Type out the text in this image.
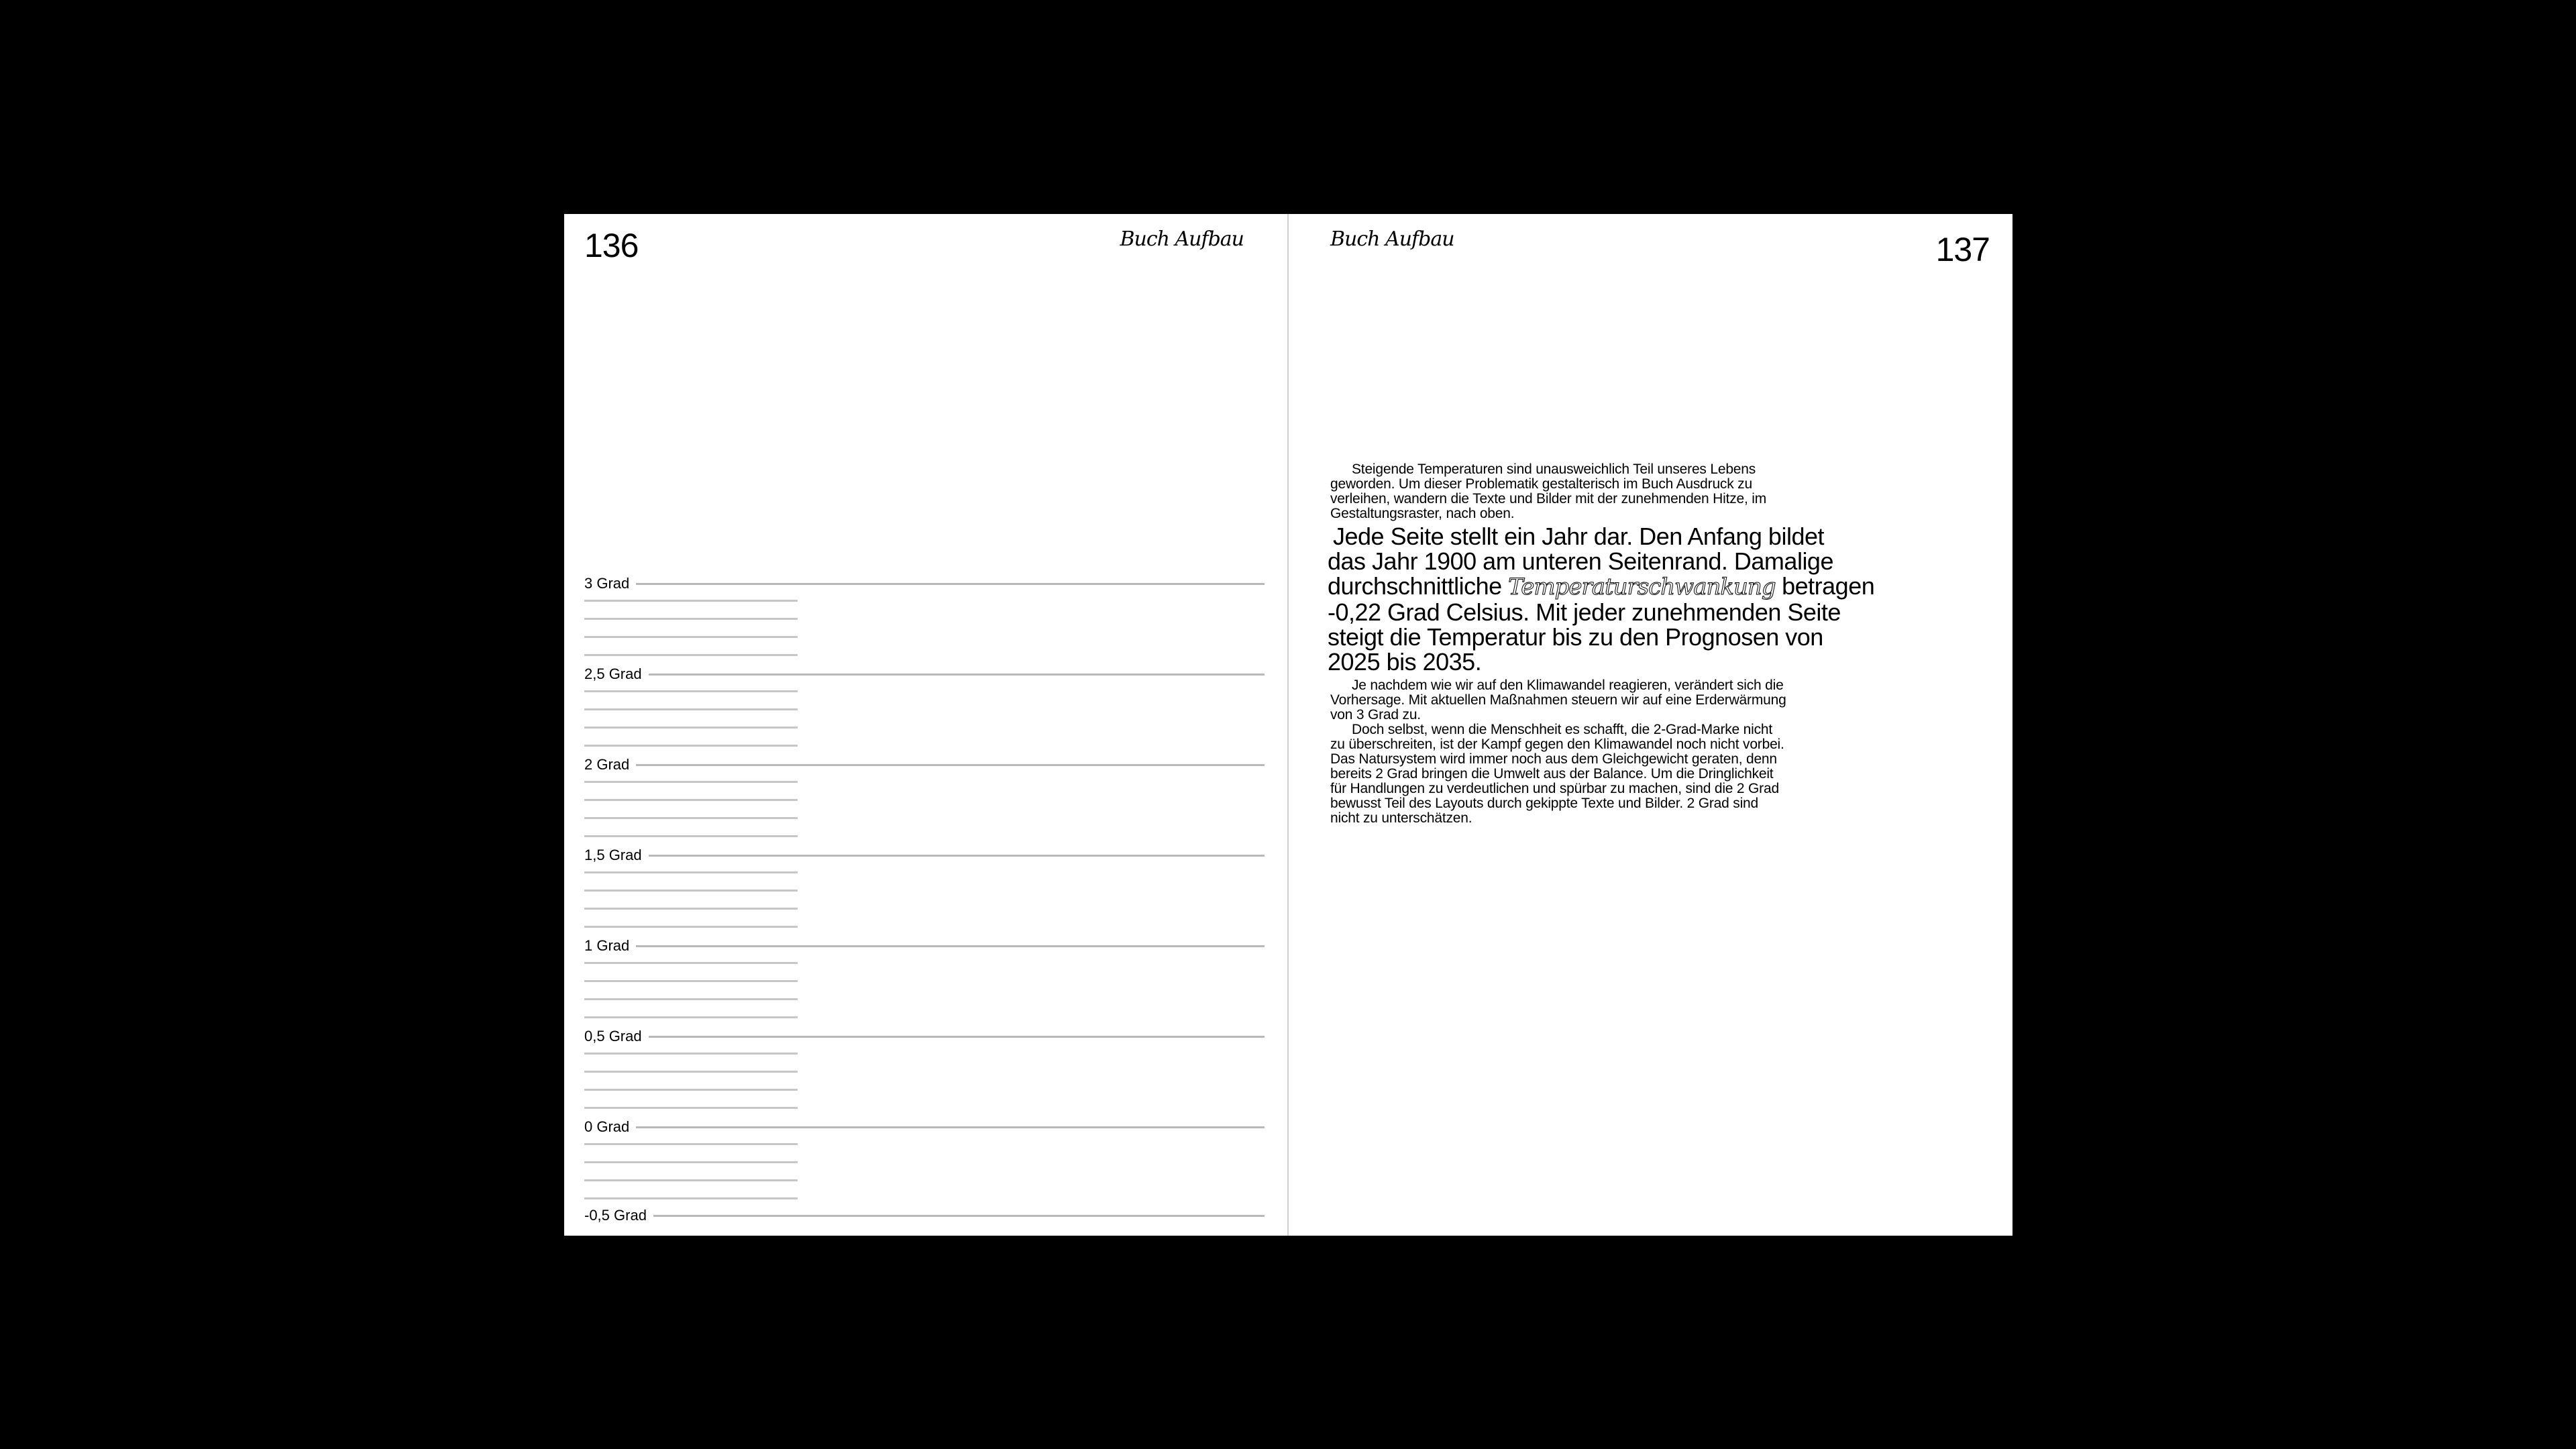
136	Buch Aufbau
3 Grad
2,5 Grad
2 Grad
1,5 Grad
1 Grad
0,5 Grad
0 Grad
-0,5 Grad
Buch Aufbau	137

Steigende Temperaturen sind unausweichlich Teil unseres Lebens
geworden. Um dieser Problematik gestalterisch im Buch Ausdruck zu
verleihen, wandern die Texte und Bilder mit der zunehmenden Hitze, im
Gestaltungsraster, nach oben.

Jede Seite stellt ein Jahr dar. Den Anfang bildet
das Jahr 1900 am unteren Seitenrand. Damalige
durchschnittliche Temperaturschwankung betragen
-0,22 Grad Celsius. Mit jeder zunehmenden Seite
steigt die Temperatur bis zu den Prognosen von
2025 bis 2035.

Je nachdem wie wir auf den Klimawandel reagieren, verändert sich die
Vorhersage. Mit aktuellen Maßnahmen steuern wir auf eine Erderwärmung
von 3 Grad zu.

Doch selbst, wenn die Menschheit es schafft, die 2-Grad-Marke nicht
zu überschreiten, ist der Kampf gegen den Klimawandel noch nicht vorbei.
Das Natursystem wird immer noch aus dem Gleichgewicht geraten, denn
bereits 2 Grad bringen die Umwelt aus der Balance. Um die Dringlichkeit
für Handlungen zu verdeutlichen und spürbar zu machen, sind die 2 Grad
bewusst Teil des Layouts durch gekippte Texte und Bilder. 2 Grad sind
nicht zu unterschätzen.
